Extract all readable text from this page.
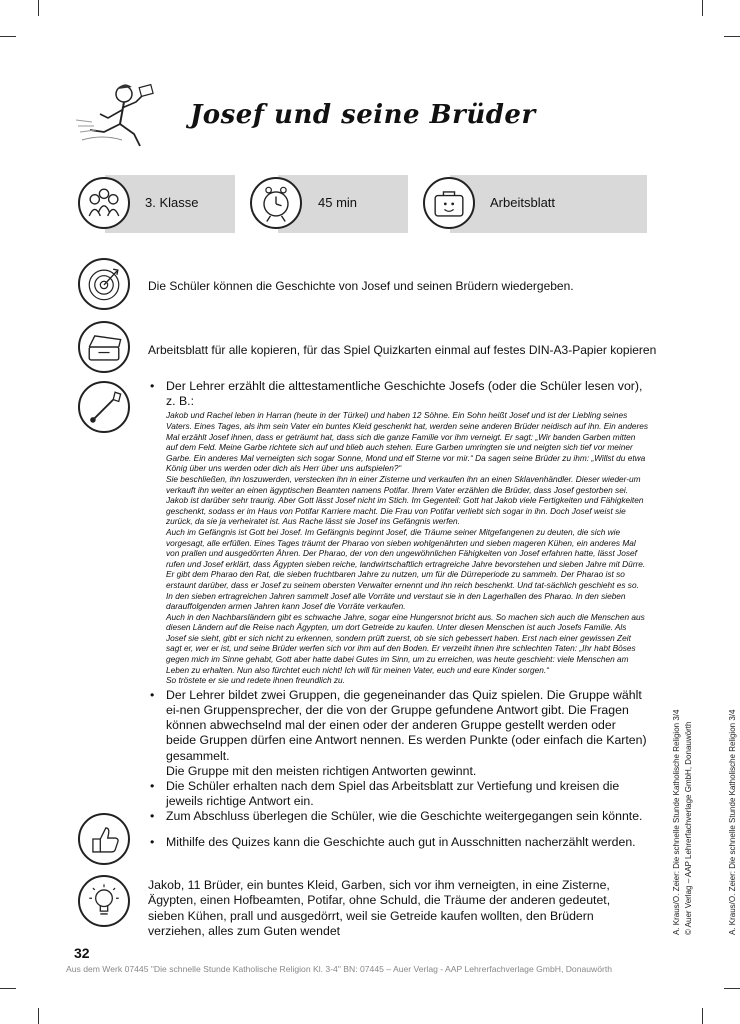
Josef und seine Brüder
3. Klasse	45 min	Arbeitsblatt
Die Schüler können die Geschichte von Josef und seinen Brüdern wiedergeben.
Arbeitsblatt für alle kopieren, für das Spiel Quizkarten einmal auf festes DIN-A3-Papier kopieren
• Der Lehrer erzählt die alttestamentliche Geschichte Josefs (oder die Schüler lesen vor), z. B.:

Jakob und Rachel leben in Harran (heute in der Türkei) und haben 12 Söhne. Ein Sohn heißt Josef und ist der Liebling seines Vaters. Eines Tages, als ihm sein Vater ein buntes Kleid geschenkt hat, werden seine anderen Brüder neidisch auf ihn. Ein anderes Mal erzählt Josef ihnen, dass er geträumt hat, dass sich die ganze Familie vor ihm verneigt. Er sagt: „Wir banden Garben mitten auf dem Feld. Meine Garbe richtete sich auf und blieb auch stehen. Eure Garben umringten sie und neigten sich tief vor meiner Garbe. Ein anderes Mal verneigten sich sogar Sonne, Mond und elf Sterne vor mir.“ Da sagen seine Brüder zu ihm: „Willst du etwa König über uns werden oder dich als Herr über uns aufspielen?“

Sie beschließen, ihn loszuwerden, verstecken ihn in einer Zisterne und verkaufen ihn an einen Sklavenhändler. Dieser wieder-um verkauft ihn weiter an einen ägyptischen Beamten namens Potifar. Ihrem Vater erzählen die Brüder, dass Josef gestorben sei. Jakob ist darüber sehr traurig. Aber Gott lässt Josef nicht im Stich. Im Gegenteil: Gott hat Jakob viele Fertigkeiten und Fähigkeiten geschenkt, sodass er im Haus von Potifar Karriere macht. Die Frau von Potifar verliebt sich sogar in ihn. Doch Josef weist sie zurück, da sie ja verheiratet ist. Aus Rache lässt sie Josef ins Gefängnis werfen.

Auch im Gefängnis ist Gott bei Josef. Im Gefängnis beginnt Josef, die Träume seiner Mitgefangenen zu deuten, die sich wie vorgesagt, alle erfüllen. Eines Tages träumt der Pharao von sieben wohlgenährten und sieben mageren Kühen, ein anderes Mal von prallen und ausgedörrten Ähren. Der Pharao, der von den ungewöhnlichen Fähigkeiten von Josef erfahren hatte, lässt Josef rufen und Josef erklärt, dass Ägypten sieben reiche, landwirtschaftlich ertragreiche Jahre bevorstehen und sieben Jahre mit Dürre. Er gibt dem Pharao den Rat, die sieben fruchtbaren Jahre zu nutzen, um für die Dürreperiode zu sammeln. Der Pharao ist so erstaunt darüber, dass er Josef zu seinem obersten Verwalter ernennt und ihn reich beschenkt. Und tat-sächlich geschieht es so. In den sieben ertragreichen Jahren sammelt Josef alle Vorräte und verstaut sie in den Lagerhallen des Pharao. In den sieben darauffolgenden armen Jahren kann Josef die Vorräte verkaufen.

Auch in den Nachbarsländern gibt es schwache Jahre, sogar eine Hungersnot bricht aus. So machen sich auch die Menschen aus diesen Ländern auf die Reise nach Ägypten, um dort Getreide zu kaufen. Unter diesen Menschen ist auch Josefs Familie. Als Josef sie sieht, gibt er sich nicht zu erkennen, sondern prüft zuerst, ob sie sich gebessert haben. Erst nach einer gewissen Zeit sagt er, wer er ist, und seine Brüder werfen sich vor ihm auf den Boden. Er verzeiht ihnen ihre schlechten Taten: „Ihr habt Böses gegen mich im Sinne gehabt, Gott aber hatte dabei Gutes im Sinn, um zu erreichen, was heute geschieht: viele Menschen am Leben zu erhalten. Nun also fürchtet euch nicht! Ich will für meinen Vater, euch und eure Kinder sorgen.“

So tröstete er sie und redete ihnen freundlich zu.

• Der Lehrer bildet zwei Gruppen, die gegeneinander das Quiz spielen. Die Gruppe wählt ei-nen Gruppensprecher, der die von der Gruppe gefundene Antwort gibt. Die Fragen können abwechselnd mal der einen oder der anderen Gruppe gestellt werden oder beide Gruppen dürfen eine Antwort nennen. Es werden Punkte (oder einfach die Karten) gesammelt.
Die Gruppe mit den meisten richtigen Antworten gewinnt.
• Die Schüler erhalten nach dem Spiel das Arbeitsblatt zur Vertiefung und kreisen die jeweils richtige Antwort ein.
• Zum Abschluss überlegen die Schüler, wie die Geschichte weitergegangen sein könnte.
• Mithilfe des Quizes kann die Geschichte auch gut in Ausschnitten nacherzählt werden.
Jakob, 11 Brüder, ein buntes Kleid, Garben, sich vor ihm verneigten, in eine Zisterne, Ägypten, einen Hofbeamten, Potifar, ohne Schuld, die Träume der anderen gedeutet, sieben Kühen, prall und ausgedörrt, weil sie Getreide kaufen wollten, den Brüdern verziehen, alles zum Guten wendet
32
Aus dem Werk 07445 "Die schnelle Stunde Katholische Religion Kl. 3-4" BN: 07445 – Auer Verlag - AAP Lehrerfachverlage GmbH, Donauwörth
A. Kraus/O. Zeier: Die schnelle Stunde Katholische Religion 3/4 © Auer Verlag – AAP Lehrerfachverlage GmbH, Donauwörth	A. Kraus/O. Zeier: Die schnelle Stunde Katholische Religion 3/4
